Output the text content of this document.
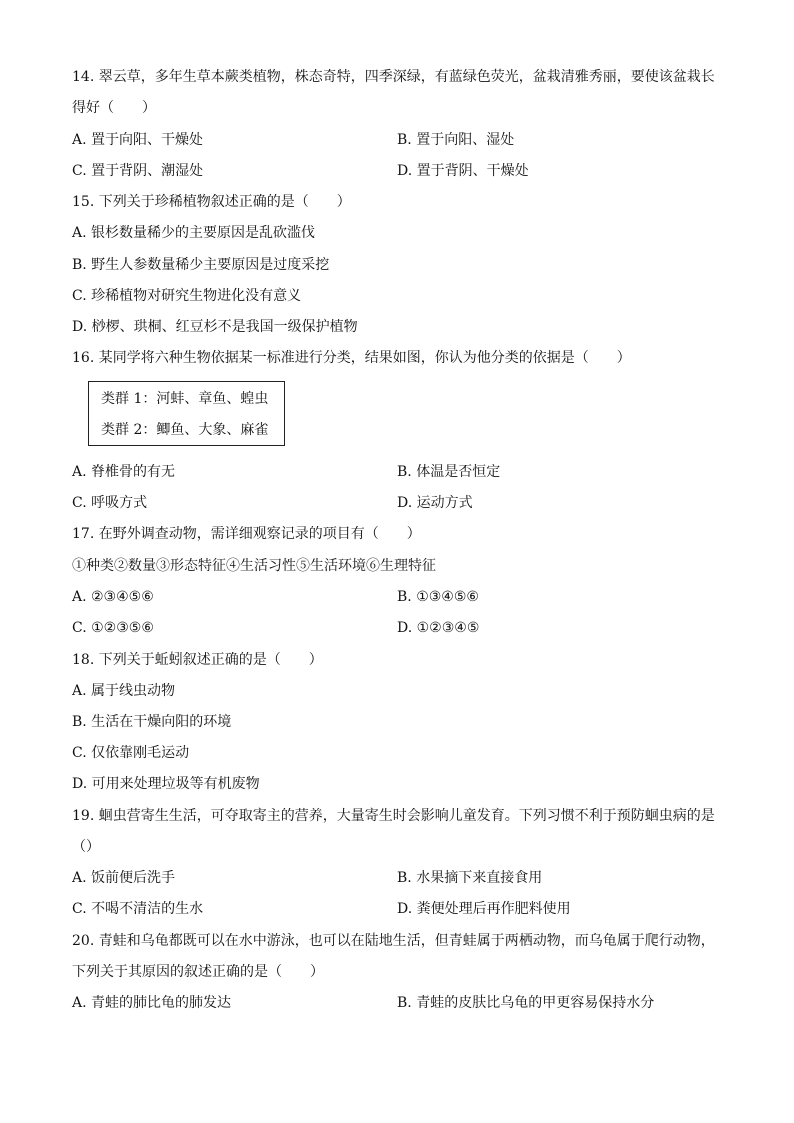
14. 翠云草，多年生草本蕨类植物，株态奇特，四季深绿，有蓝绿色荧光，盆栽清雅秀丽，要使该盆栽长
得好（　　）
A. 置于向阳、干燥处	B. 置于向阳、湿处
C. 置于背阴、潮湿处	D. 置于背阴、干燥处
15. 下列关于珍稀植物叙述正确的是（　　）
A. 银杉数量稀少的主要原因是乱砍滥伐
B. 野生人参数量稀少主要原因是过度采挖
C. 珍稀植物对研究生物进化没有意义
D. 桫椤、珙桐、红豆杉不是我国一级保护植物
16. 某同学将六种生物依据某一标准进行分类，结果如图，你认为他分类的依据是（　　）
类群 1：河蚌、章鱼、蝗虫
类群 2：鲫鱼、大象、麻雀
A. 脊椎骨的有无	B. 体温是否恒定
C. 呼吸方式	D. 运动方式
17. 在野外调查动物，需详细观察记录的项目有（　　）
①种类②数量③形态特征④生活习性⑤生活环境⑥生理特征
A. ②③④⑤⑥	B. ①③④⑤⑥
C. ①②③⑤⑥	D. ①②③④⑤
18. 下列关于蚯蚓叙述正确的是（　　）
A. 属于线虫动物
B. 生活在干燥向阳的环境
C. 仅依靠刚毛运动
D. 可用来处理垃圾等有机废物
19. 蛔虫营寄生生活，可夺取寄主的营养，大量寄生时会影响儿童发育。下列习惯不利于预防蛔虫病的是
（）
A. 饭前便后洗手	B. 水果摘下来直接食用
C. 不喝不清洁的生水	D. 粪便处理后再作肥料使用
20. 青蛙和乌龟都既可以在水中游泳，也可以在陆地生活，但青蛙属于两栖动物，而乌龟属于爬行动物，
下列关于其原因的叙述正确的是（　　）
A. 青蛙的肺比龟的肺发达	B. 青蛙的皮肤比乌龟的甲更容易保持水分
